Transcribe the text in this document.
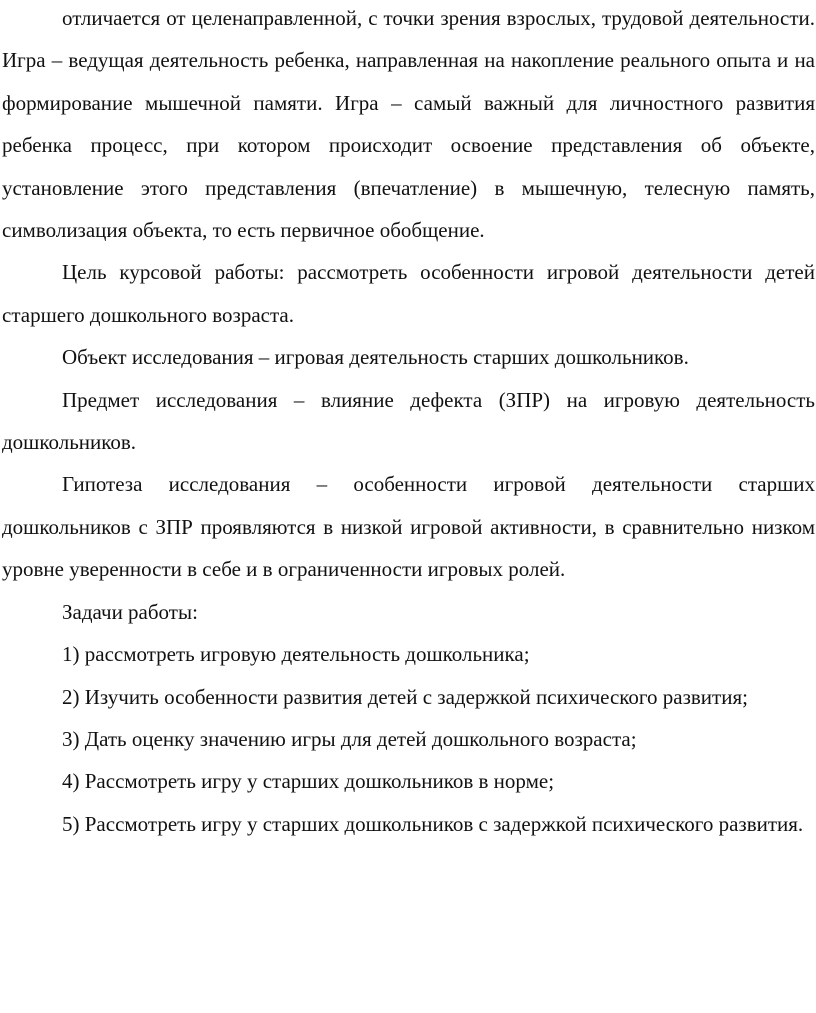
отличается от целенаправленной, с точки зрения взрослых, трудовой деятельности. Игра – ведущая деятельность ребенка, направленная на накопление реального опыта и на формирование мышечной памяти. Игра – самый важный для личностного развития ребенка процесс, при котором происходит освоение представления об объекте, установление этого представления (впечатление) в мышечную, телесную память, символизация объекта, то есть первичное обобщение.

Цель курсовой работы: рассмотреть особенности игровой деятельности детей старшего дошкольного возраста.

Объект исследования – игровая деятельность старших дошкольников.

Предмет исследования – влияние дефекта (ЗПР) на игровую деятельность дошкольников.

Гипотеза исследования – особенности игровой деятельности старших дошкольников с ЗПР проявляются в низкой игровой активности, в сравнительно низком уровне уверенности в себе и в ограниченности игровых ролей.

Задачи работы:

1) рассмотреть игровую деятельность дошкольника;

2) Изучить особенности развития детей с задержкой психического развития;

3) Дать оценку значению игры для детей дошкольного возраста;

4) Рассмотреть игру у старших дошкольников в норме;

5) Рассмотреть игру у старших дошкольников с задержкой психического развития.
